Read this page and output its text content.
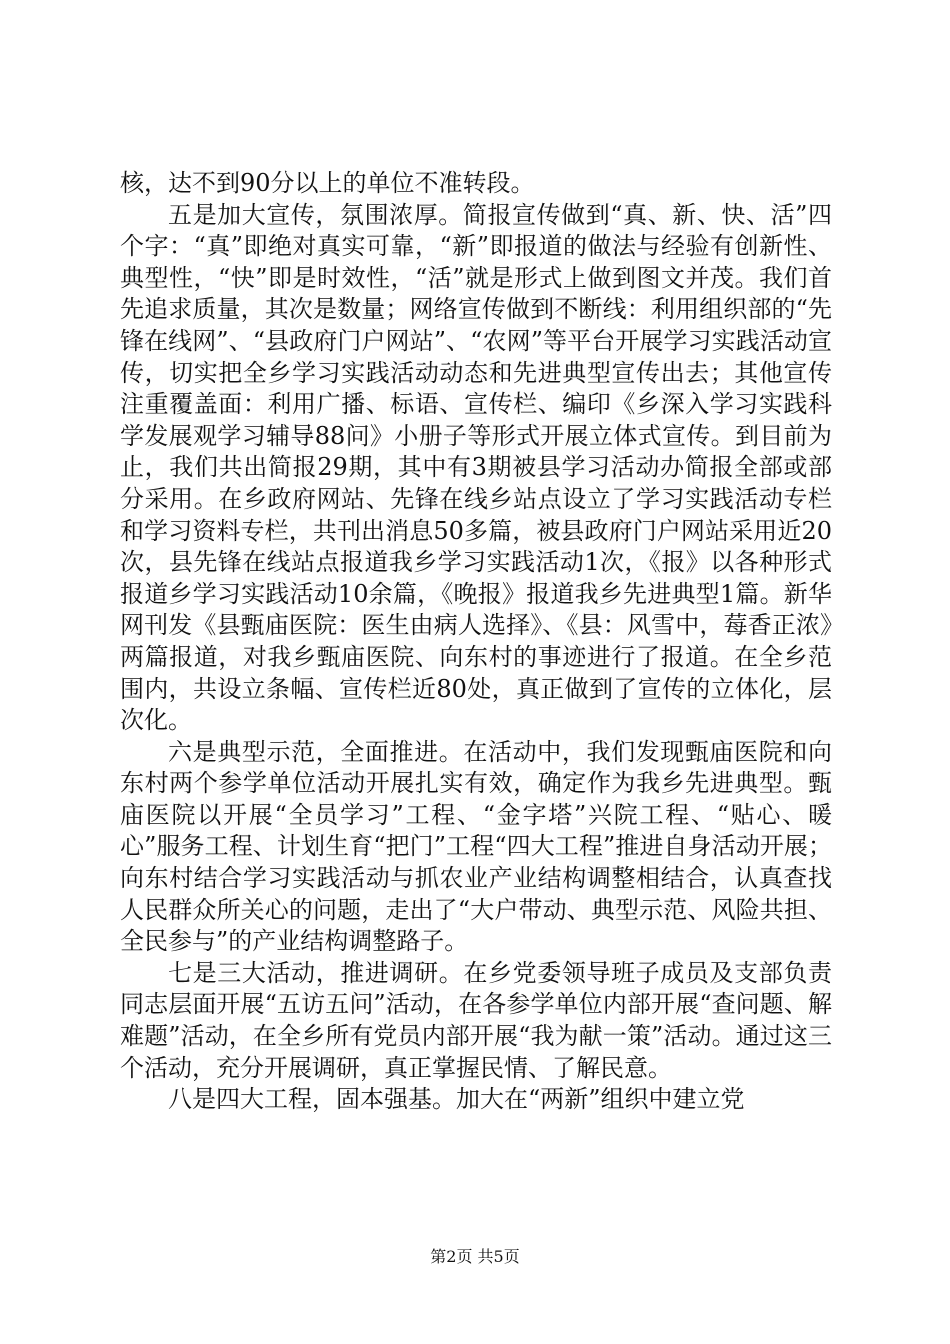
核，达不到90分以上的单位不准转段。

五是加大宣传，氛围浓厚。简报宣传做到“真、新、快、活”四个字：“真”即绝对真实可靠，“新”即报道的做法与经验有创新性、典型性，“快”即是时效性，“活”就是形式上做到图文并茂。我们首先追求质量，其次是数量；网络宣传做到不断线：利用组织部的“先锋在线网”、“县政府门户网站”、“农网”等平台开展学习实践活动宣传，切实把全乡学习实践活动动态和先进典型宣传出去；其他宣传注重覆盖面：利用广播、标语、宣传栏、编印《乡深入学习实践科学发展观学习辅导88问》小册子等形式开展立体式宣传。到目前为止，我们共出简报29期，其中有3期被县学习活动办简报全部或部分采用。在乡政府网站、先锋在线乡站点设立了学习实践活动专栏和学习资料专栏，共刊出消息50多篇，被县政府门户网站采用近20次，县先锋在线站点报道我乡学习实践活动1次，《报》以各种形式报道乡学习实践活动10余篇，《晚报》报道我乡先进典型1篇。新华网刊发《县甄庙医院：医生由病人选择》、《县：风雪中，莓香正浓》两篇报道，对我乡甄庙医院、向东村的事迹进行了报道。在全乡范围内，共设立条幅、宣传栏近80处，真正做到了宣传的立体化，层次化。

六是典型示范，全面推进。在活动中，我们发现甄庙医院和向东村两个参学单位活动开展扎实有效，确定作为我乡先进典型。甄庙医院以开展“全员学习”工程、“金字塔”兴院工程、“贴心、暖心”服务工程、计划生育“把门”工程“四大工程”推进自身活动开展；向东村结合学习实践活动与抓农业产业结构调整相结合，认真查找人民群众所关心的问题，走出了“大户带动、典型示范、风险共担、全民参与”的产业结构调整路子。

七是三大活动，推进调研。在乡党委领导班子成员及支部负责同志层面开展“五访五问”活动，在各参学单位内部开展“查问题、解难题”活动，在全乡所有党员内部开展“我为献一策”活动。通过这三个活动，充分开展调研，真正掌握民情、了解民意。

八是四大工程，固本强基。加大在“两新”组织中建立党

第2页 共5页
